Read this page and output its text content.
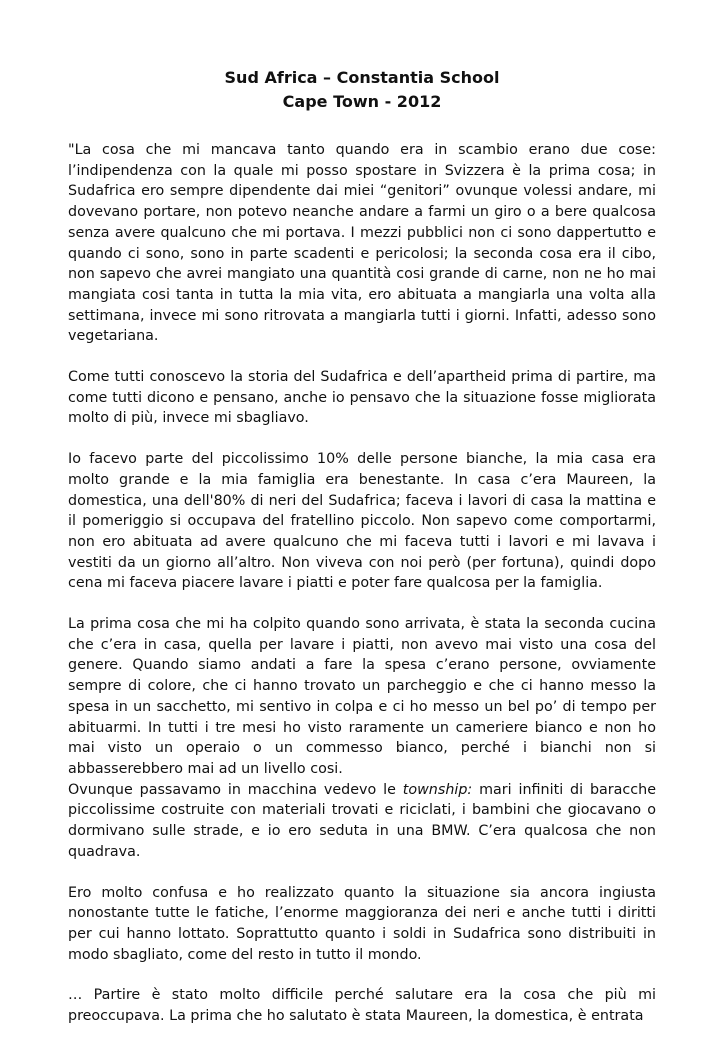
Sud Africa – Constantia School
Cape Town - 2012

"La cosa che mi mancava tanto quando era in scambio erano due cose: l’indipendenza con la quale mi posso spostare in Svizzera è la prima cosa; in Sudafrica ero sempre dipendente dai miei “genitori” ovunque volessi andare, mi dovevano portare, non potevo neanche andare a farmi un giro o a bere qualcosa senza avere qualcuno che mi portava. I mezzi pubblici non ci sono dappertutto e quando ci sono, sono in parte scadenti e pericolosi; la seconda cosa era il cibo, non sapevo che avrei mangiato una quantità cosi grande di carne, non ne ho mai mangiata cosi tanta in tutta la mia vita, ero abituata a mangiarla una volta alla settimana, invece mi sono ritrovata a mangiarla tutti i giorni. Infatti, adesso sono vegetariana.

Come tutti conoscevo la storia del Sudafrica e dell’apartheid prima di partire, ma come tutti dicono e pensano, anche io pensavo che la situazione fosse migliorata molto di più, invece mi sbagliavo.

Io facevo parte del piccolissimo 10% delle persone bianche, la mia casa era molto grande e la mia famiglia era benestante. In casa c’era Maureen, la domestica, una dell'80% di neri del Sudafrica; faceva i lavori di casa la mattina e il pomeriggio si occupava del fratellino piccolo. Non sapevo come comportarmi, non ero abituata ad avere qualcuno che mi faceva tutti i lavori e mi lavava i vestiti da un giorno all’altro. Non viveva con noi però (per fortuna), quindi dopo cena mi faceva piacere lavare i piatti e poter fare qualcosa per la famiglia.

La prima cosa che mi ha colpito quando sono arrivata, è stata la seconda cucina che c’era in casa, quella per lavare i piatti, non avevo mai visto una cosa del genere. Quando siamo andati a fare la spesa c’erano persone, ovviamente sempre di colore, che ci hanno trovato un parcheggio e che ci hanno messo la spesa in un sacchetto, mi sentivo in colpa e ci ho messo un bel po’ di tempo per abituarmi. In tutti i tre mesi ho visto raramente un cameriere bianco e non ho mai visto un operaio o un commesso bianco, perché i bianchi non si abbasserebbero mai ad un livello cosi.

Ovunque passavamo in macchina vedevo le township: mari infiniti di baracche piccolissime costruite con materiali trovati e riciclati, i bambini che giocavano o dormivano sulle strade, e io ero seduta in una BMW. C’era qualcosa che non quadrava.

Ero molto confusa e ho realizzato quanto la situazione sia ancora ingiusta nonostante tutte le fatiche, l’enorme maggioranza dei neri e anche tutti i diritti per cui hanno lottato. Soprattutto quanto i soldi in Sudafrica sono distribuiti in modo sbagliato, come del resto in tutto il mondo.

… Partire è stato molto difficile perché salutare era la cosa che più mi preoccupava. La prima che ho salutato è stata Maureen, la domestica, è entrata
